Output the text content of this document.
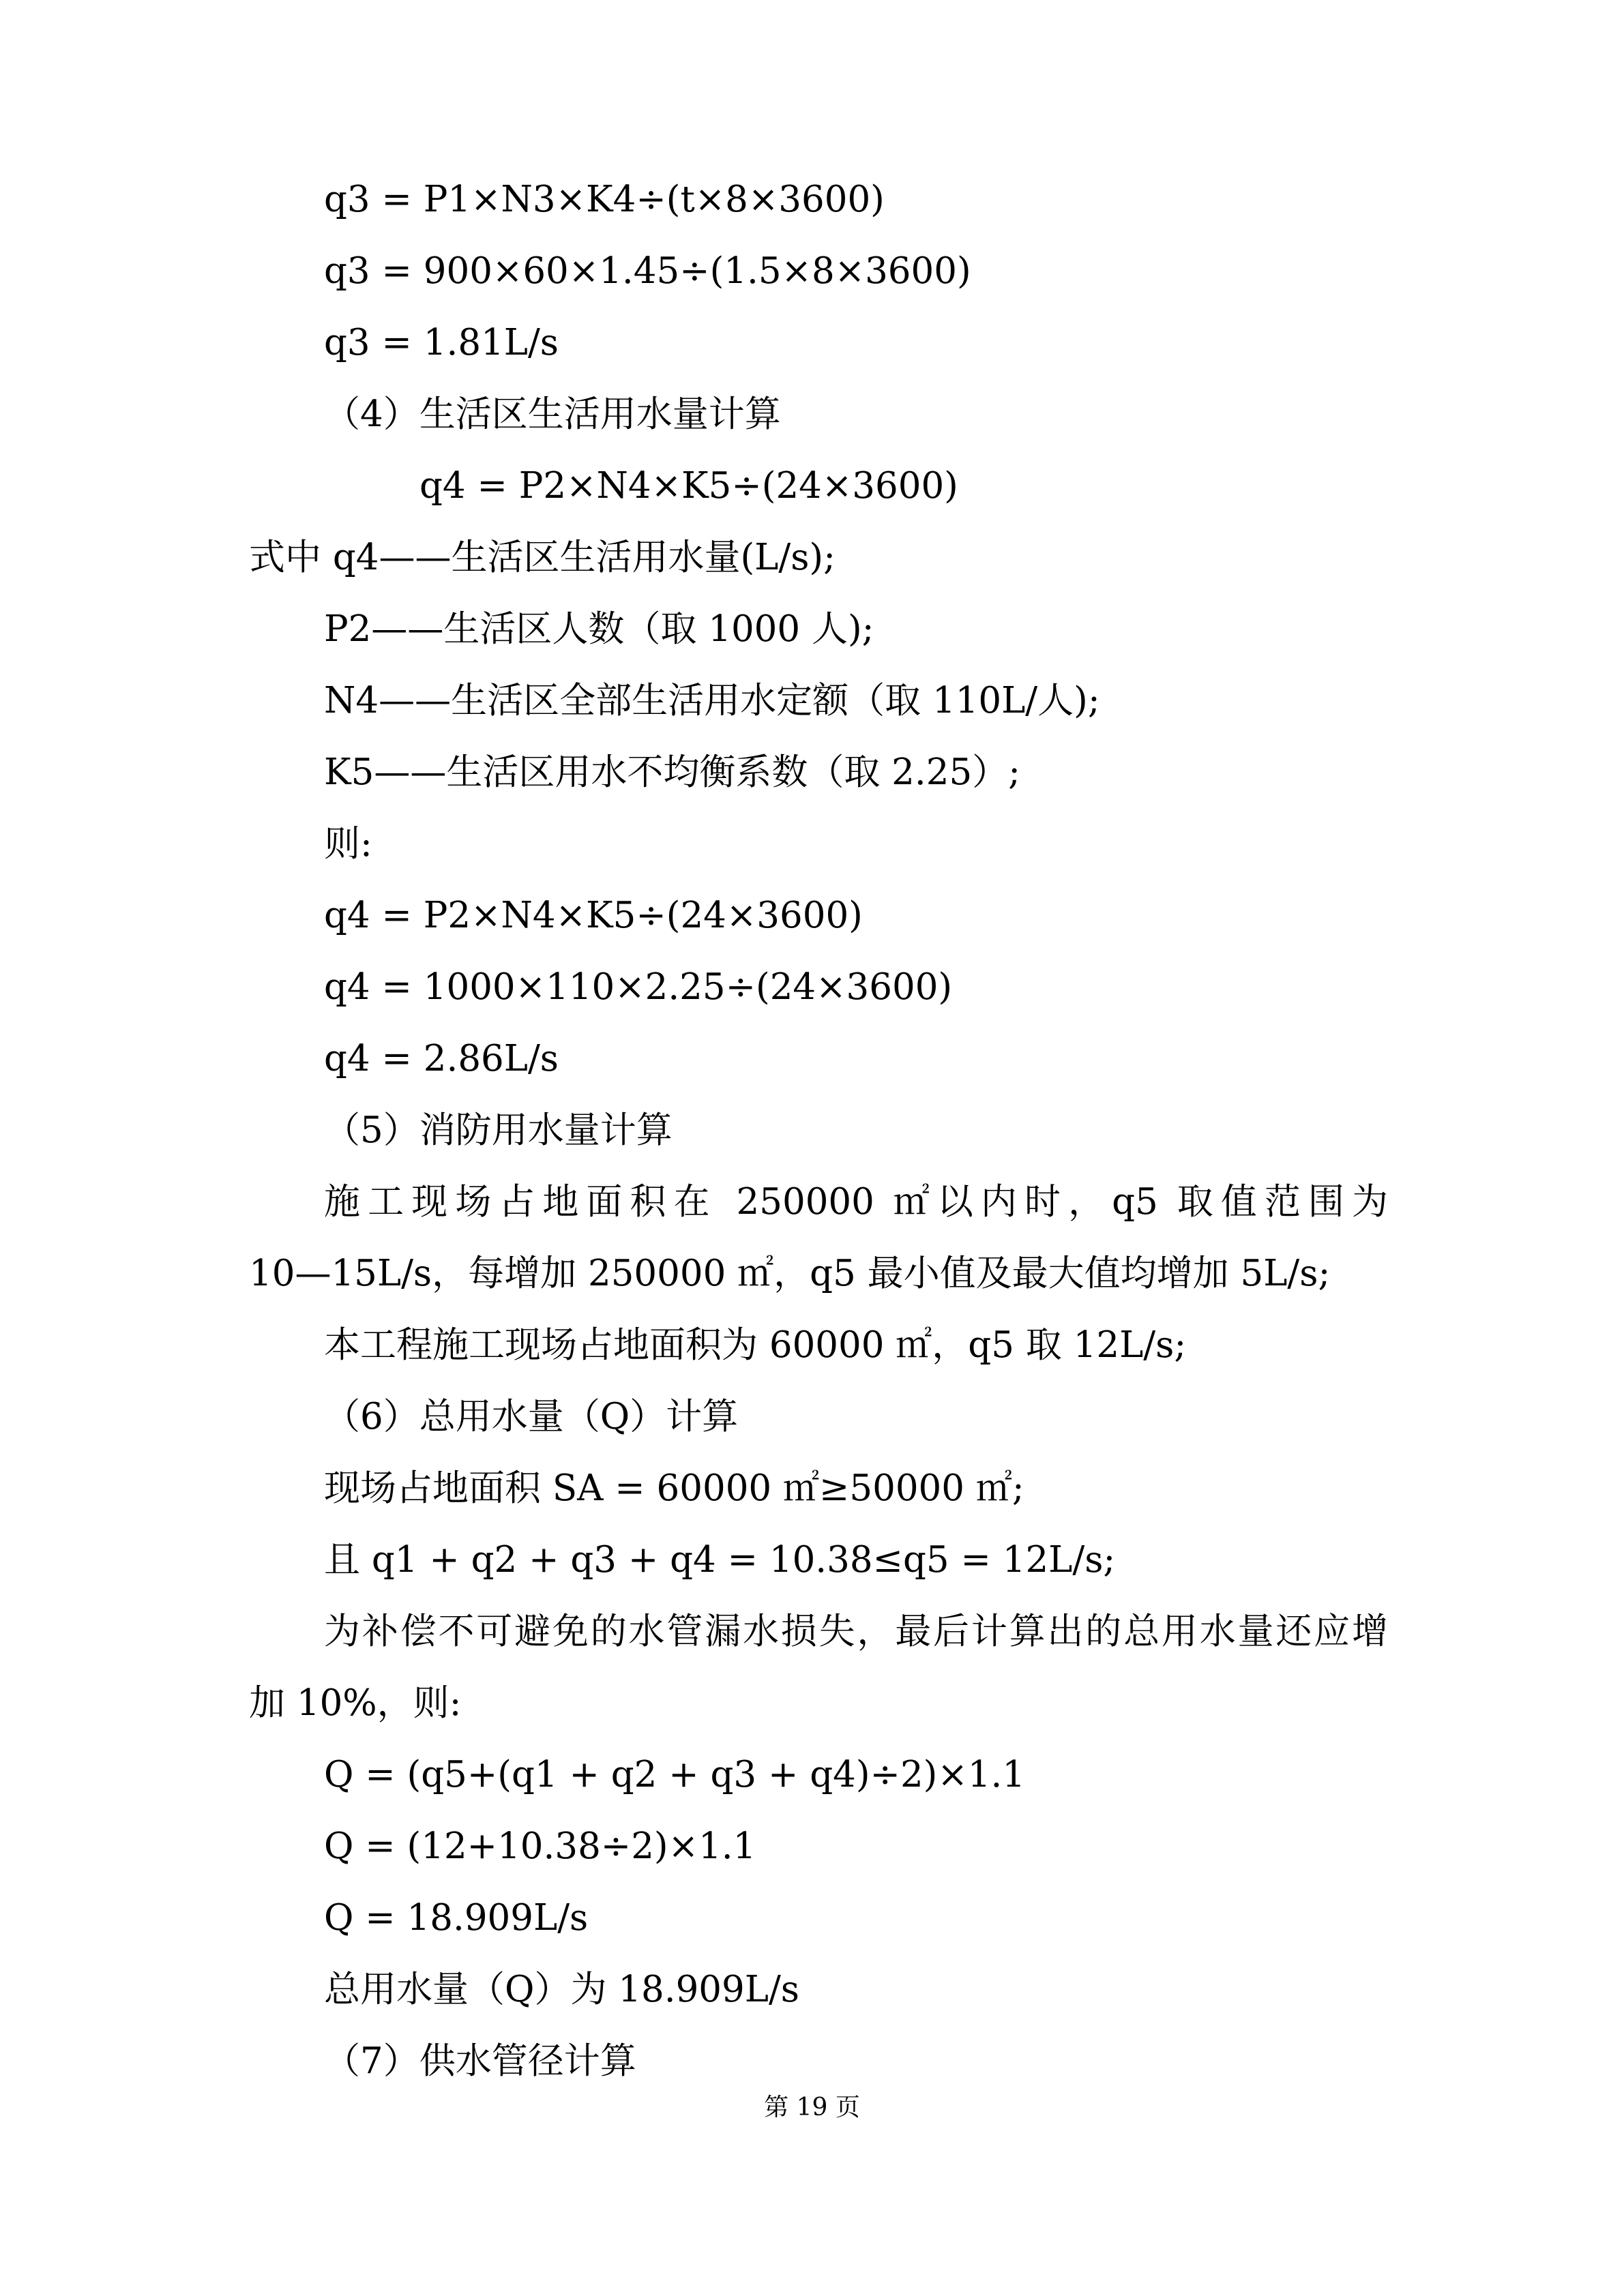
q3 = P1×N3×K4÷(t×8×3600)
q3 = 900×60×1.45÷(1.5×8×3600)
q3 = 1.81L/s
（4）生活区生活用水量计算
q4 = P2×N4×K5÷(24×3600)
式中 q4——生活区生活用水量(L/s);
P2——生活区人数（取 1000 人);
N4——生活区全部生活用水定额（取 110L/人);
K5——生活区用水不均衡系数（取 2.25）;
则:
q4 = P2×N4×K5÷(24×3600)
q4 = 1000×110×2.25÷(24×3600)
q4 = 2.86L/s
（5）消防用水量计算
施工现场占地面积在 250000 ㎡以内时，q5 取值范围为
10—15L/s，每增加 250000 ㎡，q5 最小值及最大值均增加 5L/s;
本工程施工现场占地面积为 60000 ㎡，q5 取 12L/s;
（6）总用水量（Q）计算
现场占地面积 SA = 60000 ㎡≥50000 ㎡;
且 q1 + q2 + q3 + q4 = 10.38≤q5 = 12L/s;
为补偿不可避免的水管漏水损失，最后计算出的总用水量还应增
加 10%，则:
Q = (q5+(q1 + q2 + q3 + q4)÷2)×1.1
Q = (12+10.38÷2)×1.1
Q = 18.909L/s
总用水量（Q）为 18.909L/s
（7）供水管径计算
第 19 页
